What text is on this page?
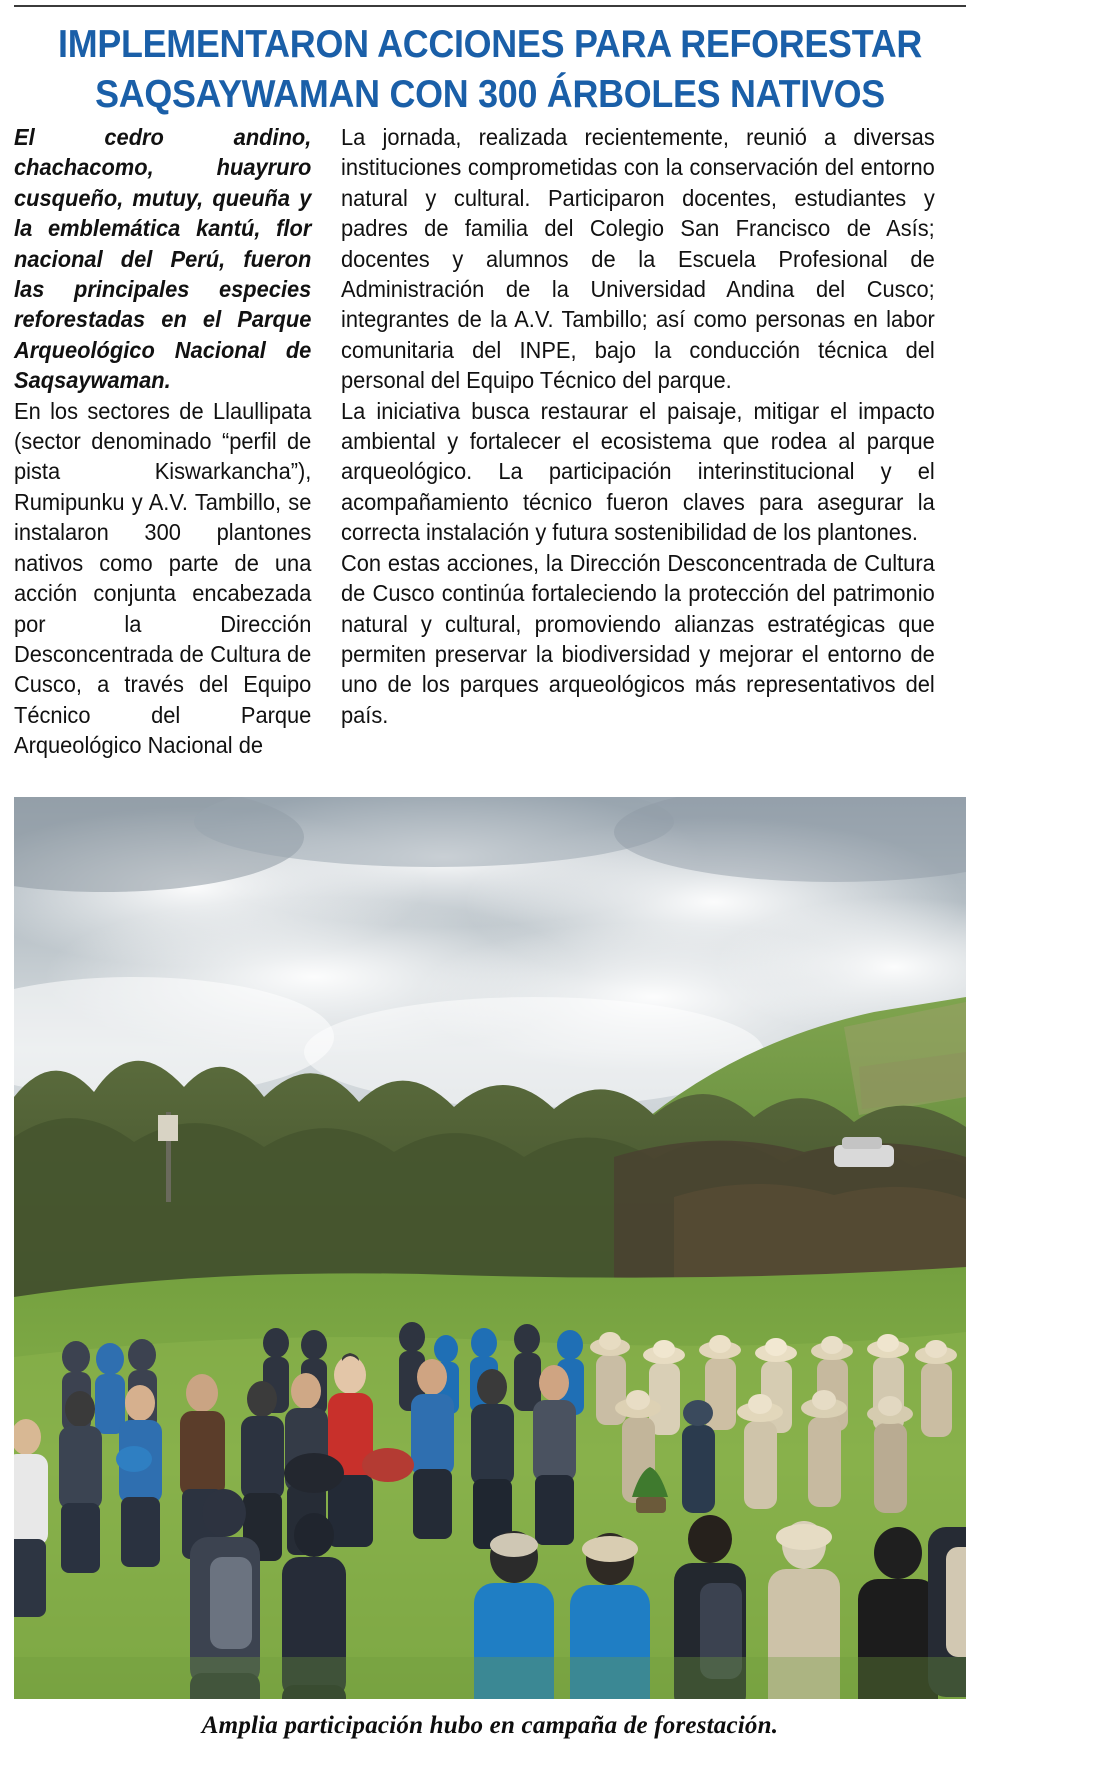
IMPLEMENTARON ACCIONES PARA REFORESTAR
SAQSAYWAMAN CON 300 ÁRBOLES NATIVOS

El cedro andino, chachacomo, huayruro cusqueño, mutuy, queuña y la emblemática kantú, flor nacional del Perú, fueron las principales especies reforestadas en el Parque Arqueológico Nacional de Saqsaywaman.

En los sectores de Llaullipata (sector denominado “perfil de pista Kiswarkancha”), Rumipunku y A.V. Tambillo, se instalaron 300 plantones nativos como parte de una acción conjunta encabezada por la Dirección Desconcentrada de Cultura de Cusco, a través del Equipo Técnico del Parque Arqueológico Nacional de

La jornada, realizada recientemente, reunió a diversas instituciones comprometidas con la conservación del entorno natural y cultural. Participaron docentes, estudiantes y padres de familia del Colegio San Francisco de Asís; docentes y alumnos de la Escuela Profesional de Administración de la Universidad Andina del Cusco; integrantes de la A.V. Tambillo; así como personas en labor comunitaria del INPE, bajo la conducción técnica del personal del Equipo Técnico del parque.

La iniciativa busca restaurar el paisaje, mitigar el impacto ambiental y fortalecer el ecosistema que rodea al parque arqueológico. La participación interinstitucional y el acompañamiento técnico fueron claves para asegurar la correcta instalación y futura sostenibilidad de los plantones.

Con estas acciones, la Dirección Desconcentrada de Cultura de Cusco continúa fortaleciendo la protección del patrimonio natural y cultural, promoviendo alianzas estratégicas que permiten preservar la biodiversidad y mejorar el entorno de uno de los parques arqueológicos más representativos del país.

Amplia participación hubo en campaña de forestación.
